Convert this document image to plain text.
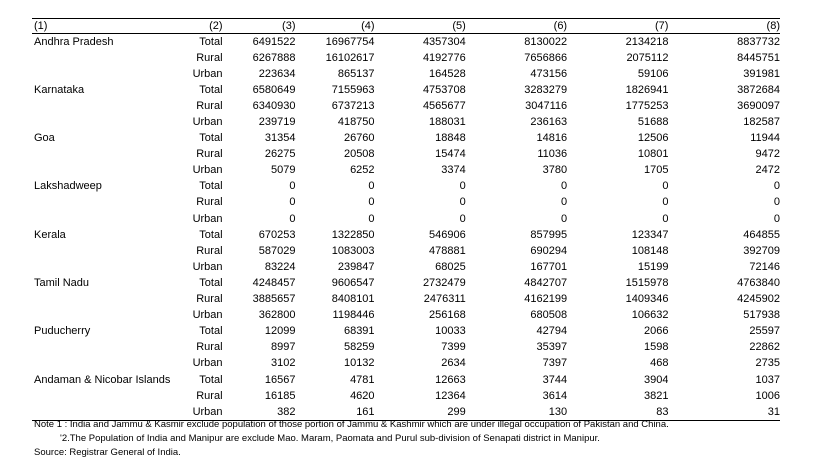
(1)	(2)	(3)	(4)	(5)	(6)	(7)	(8)
Andhra Pradesh	Total	6491522	16967754	4357304	8130022	2134218	8837732
	Rural	6267888	16102617	4192776	7656866	2075112	8445751
	Urban	223634	865137	164528	473156	59106	391981
Karnataka	Total	6580649	7155963	4753708	3283279	1826941	3872684
	Rural	6340930	6737213	4565677	3047116	1775253	3690097
	Urban	239719	418750	188031	236163	51688	182587
Goa	Total	31354	26760	18848	14816	12506	11944
	Rural	26275	20508	15474	11036	10801	9472
	Urban	5079	6252	3374	3780	1705	2472
Lakshadweep	Total	0	0	0	0	0	0
	Rural	0	0	0	0	0	0
	Urban	0	0	0	0	0	0
Kerala	Total	670253	1322850	546906	857995	123347	464855
	Rural	587029	1083003	478881	690294	108148	392709
	Urban	83224	239847	68025	167701	15199	72146
Tamil Nadu	Total	4248457	9606547	2732479	4842707	1515978	4763840
	Rural	3885657	8408101	2476311	4162199	1409346	4245902
	Urban	362800	1198446	256168	680508	106632	517938
Puducherry	Total	12099	68391	10033	42794	2066	25597
	Rural	8997	58259	7399	35397	1598	22862
	Urban	3102	10132	2634	7397	468	2735
Andaman & Nicobar Islands	Total	16567	4781	12663	3744	3904	1037
	Rural	16185	4620	12364	3614	3821	1006
	Urban	382	161	299	130	83	31
Note 1 : India and Jammu & Kasmir exclude population of those portion of Jammu & Kashmir which are under illegal occupation of Pakistan and China.
'2.The Population of India and Manipur are exclude Mao. Maram, Paomata and Purul sub-division of Senapati district in Manipur.
Source: Registrar General of India.
